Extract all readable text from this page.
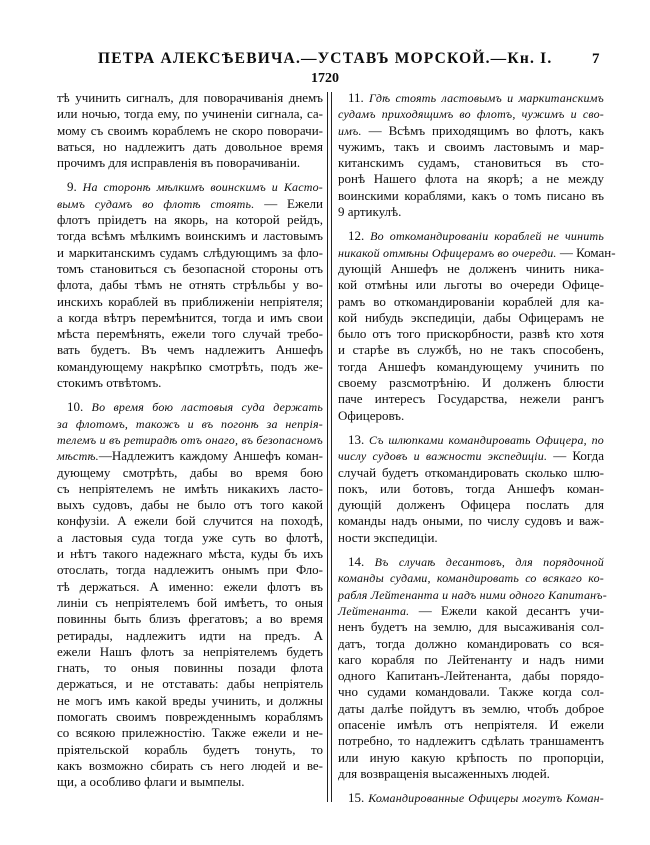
ПЕТРА АЛЕКСѢЕВИЧА.—УСТАВЪ МОРСКОЙ.—Кн. I.	7
1720
тѣ учинить сигналъ, для поворачиванія днемъ
или ночью, тогда ему, по учиненіи сигнала, са-
мому съ своимъ кораблемъ не скоро поворачи-
ваться, но надлежитъ дать довольное время
прочимъ для исправленія въ поворачиваніи.
9. На сторонѣ мѣлкимъ воинскимъ и Касто-
вымъ судамъ во флотѣ стоять. — Ежели
флотъ пріидетъ на якорь, на которой рейдъ,
тогда всѣмъ мѣлкимъ воинскимъ и ластовымъ
и маркитанскимъ судамъ слѣдующимъ за фло-
томъ становиться съ безопасной стороны отъ
флота, дабы тѣмъ не отнять стрѣльбы у во-
инскихъ кораблей въ приближеніи непріятеля;
а когда вѣтръ перемѣнится, тогда и имъ свои
мѣста перемѣнять, ежели того случай требо-
вать будетъ. Въ чемъ надлежитъ Аншефъ
командующему накрѣпко смотрѣть, подъ же-
стокимъ отвѣтомъ.
10. Во время бою ластовыя суда держать
за флотомъ, такожъ и въ погонѣ за непрія-
телемъ и въ ретирадѣ отъ онаго, въ безопасномъ
мѣстѣ.—Надлежитъ каждому Аншефъ коман-
дующему смотрѣть, дабы во время бою
съ непріятелемъ не имѣть никакихъ ласто-
выхъ судовъ, дабы не было отъ того какой
конфузіи. А ежели бой случится на походѣ,
а ластовыя суда тогда уже суть во флотѣ,
и нѣтъ такого надежнаго мѣста, куды бъ ихъ
отослать, тогда надлежитъ онымъ при Фло-
тѣ держаться. А именно: ежели флотъ въ
линіи съ непріятелемъ бой имѣетъ, то оныя
повинны быть близъ фрегатовъ; а во время
ретирады, надлежитъ идти на предъ. А
ежели Нашъ флотъ за непріятелемъ будетъ
гнать, то оныя повинны позади флота
держаться, и не отставать: дабы непріятель
не могъ имъ какой вреды учинить, и должны
помогать своимъ поврежденнымъ кораблямъ
со всякою прилежностію. Также ежели и не-
пріятельской корабль будетъ тонуть, то
какъ возможно сбирать съ него людей и ве-
щи, а особливо флаги и вымпелы.
11. Гдѣ стоять ластовымъ и маркитанскимъ
судамъ приходящимъ во флотъ, чужимъ и сво-
имъ. — Всѣмъ приходящимъ во флотъ, какъ
чужимъ, такъ и своимъ ластовымъ и мар-
китанскимъ судамъ, становиться въ сто-
ронѣ Нашего флота на якорѣ; а не между
воинскими кораблями, какъ о томъ писано въ
9 артикулѣ.
12. Во откомандированіи кораблей не чинить
никакой отмѣны Офицерамъ во очереди. — Коман-
дующій Аншефъ не долженъ чинить ника-
кой отмѣны или льготы во очереди Офице-
рамъ во откомандированіи кораблей для ка-
кой нибудь экспедиціи, дабы Офицерамъ не
было отъ того прискорбности, развѣ кто хотя
и старѣе въ службѣ, но не такъ способенъ,
тогда Аншефъ командующему учинить по
своему разсмотрѣнію. И долженъ блюсти
паче интересъ Государства, нежели рангъ
Офицеровъ.
13. Съ шлюпками командировать Офицера, по
числу судовъ и важности экспедиціи. — Когда
случай будетъ откомандировать сколько шлю-
покъ, или ботовъ, тогда Аншефъ коман-
дующій долженъ Офицера послать для
команды надъ оными, по числу судовъ и важ-
ности экспедиціи.
14. Въ случаѣ десантовъ, для порядочной
команды судами, командировать со всякаго ко-
рабля Лейтенанта и надъ ними одного Капитанъ-
Лейтенанта. — Ежели какой десантъ учи-
ненъ будетъ на землю, для высаживанія сол-
датъ, тогда должно командировать со вся-
каго корабля по Лейтенанту и надъ ними
одного Капитанъ-Лейтенанта, дабы порядо-
чно судами командовали. Также когда сол-
даты далѣе пойдутъ въ землю, чтобъ доброе
опасеніе имѣлъ отъ непріятеля. И ежели
потребно, то надлежитъ сдѣлать траншаментъ
или иную какую крѣпость по пропорціи,
для возвращенія высаженныхъ людей.
15. Командированные Офицеры могутъ Коман-
